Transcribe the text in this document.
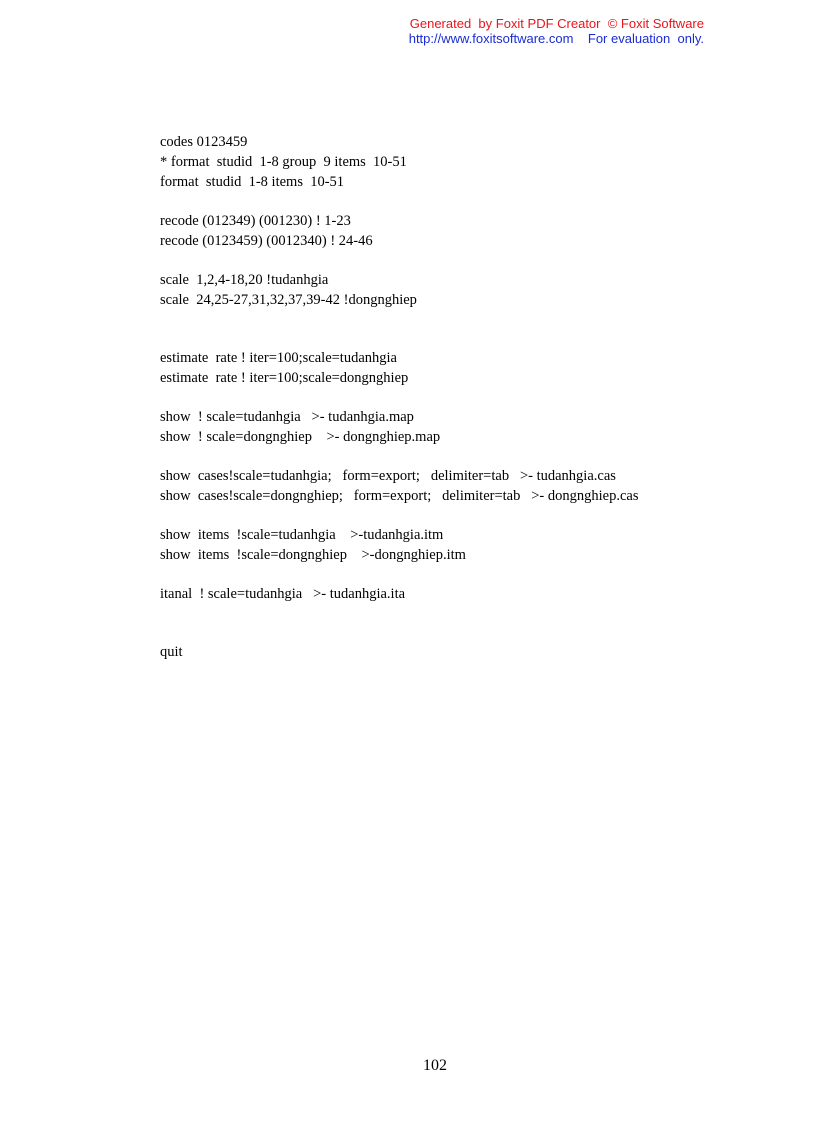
Generated  by Foxit PDF Creator  © Foxit Software
http://www.foxitsoftware.com    For evaluation  only.
codes 0123459
* format  studid  1-8 group  9 items  10-51
format  studid  1-8 items  10-51
recode (012349) (001230) ! 1-23
recode (0123459) (0012340) ! 24-46
scale  1,2,4-18,20 !tudanhgia
scale  24,25-27,31,32,37,39-42 !dongnghiep
estimate  rate ! iter=100;scale=tudanhgia
estimate  rate ! iter=100;scale=dongnghiep
show  ! scale=tudanhgia   >- tudanhgia.map
show  ! scale=dongnghiep    >- dongnghiep.map
show  cases!scale=tudanhgia;   form=export;   delimiter=tab   >- tudanhgia.cas
show  cases!scale=dongnghiep;   form=export;   delimiter=tab   >- dongnghiep.cas
show  items  !scale=tudanhgia    >-tudanhgia.itm
show  items  !scale=dongnghiep    >-dongnghiep.itm
itanal  ! scale=tudanhgia   >- tudanhgia.ita
quit
102
